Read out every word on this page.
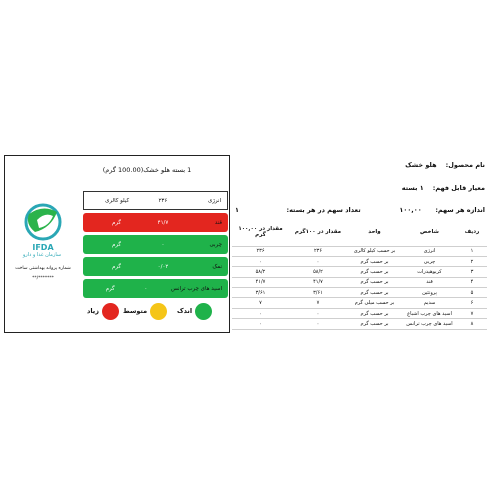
1 بسته هلو خشک(100.00 گرم)
IFDA
سازمان غذا و دارو
شماره پروانه بهداشتی ساخت
**/*******
انرژی
۲۳۶
کیلو کالری
قند
۴۱/۷
گرم
چربی
۰
گرم
نمک
۰/۰۲
گرم
اسید های چرب ترانس
۰
گرم
اندک
متوسط
زیاد
نام محصول:    هلو خشک
معیار قابل فهم:    ۱ بسته
اندازه هر سهم:      ۱۰۰,۰۰
تعداد سهم در هر بسته:                     ۱
ردیف	شاخص	واحد	مقدار در ۱۰۰گرم	مقدار در ۱۰۰,۰۰ گرم
۱	انرژی	بر حسب کیلو کالری	۲۳۶	۲۳۶
۲	چربی	بر حسب گرم	۰	۰
۳	کربوهیدرات	بر حسب گرم	۵۸/۲	۵۸/۲
۴	قند	بر حسب گرم	۴۱/۷	۴۱/۷
۵	پروتئین	بر حسب گرم	۳/۶۱	۳/۶۱
۶	سدیم	بر حسب میلی گرم	۷	۷
۷	اسید های چرب اشباع	بر حسب گرم	۰	۰
۸	اسید های چرب ترانس	بر حسب گرم	۰	۰
